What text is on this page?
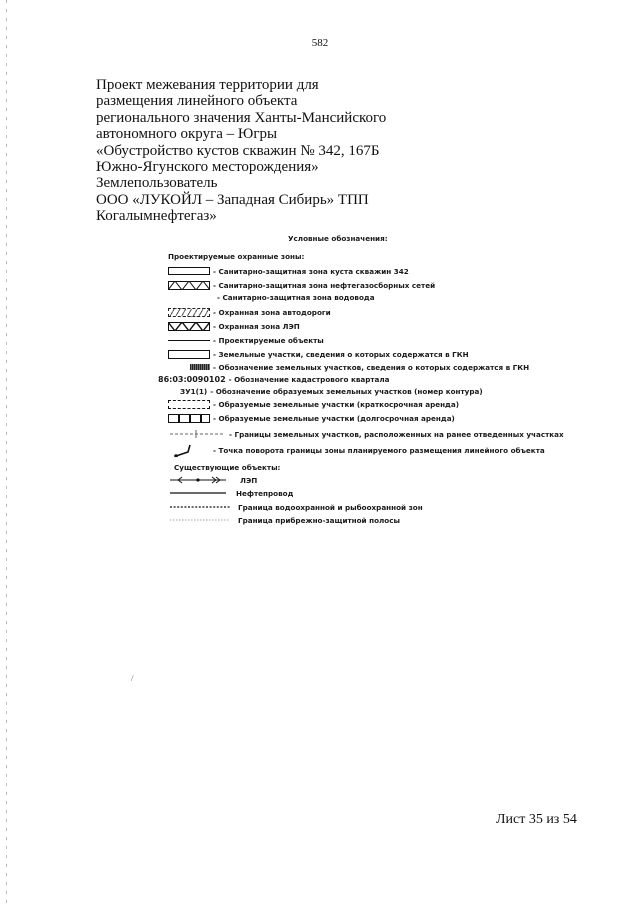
582
Проект межевания территории для
размещения линейного объекта
регионального значения Ханты-Мансийского
автономного округа – Югры
«Обустройство кустов скважин № 342, 167Б
Южно-Ягунского месторождения»
Землепользователь
ООО «ЛУКОЙЛ – Западная Сибирь» ТПП
Когалымнефтегаз»
Условные обозначения:
Проектируемые охранные зоны:
- Санитарно-защитная зона куста скважин 342
- Санитарно-защитная зона нефтегазосборных сетей
- Санитарно-защитная зона водовода
- Охранная зона автодороги
- Охранная зона ЛЭП
- Проектируемые объекты
- Земельные участки, сведения о которых содержатся в ГКН
- Обозначение земельных участков, сведения о которых содержатся в ГКН
86:03:0090102 - Обозначение кадастрового квартала
ЗУ1(1) - Обозначение образуемых земельных участков (номер контура)
- Образуемые земельные участки (краткосрочная аренда)
- Образуемые земельные участки (долгосрочная аренда)
- Границы земельных участков, расположенных на ранее отведенных участках
- Точка поворота границы зоны планируемого размещения линейного объекта
Существующие объекты:
ЛЭП
Нефтепровод
Граница водоохранной и рыбоохранной зон
Граница прибрежно-защитной полосы
\
Лист 35 из 54
